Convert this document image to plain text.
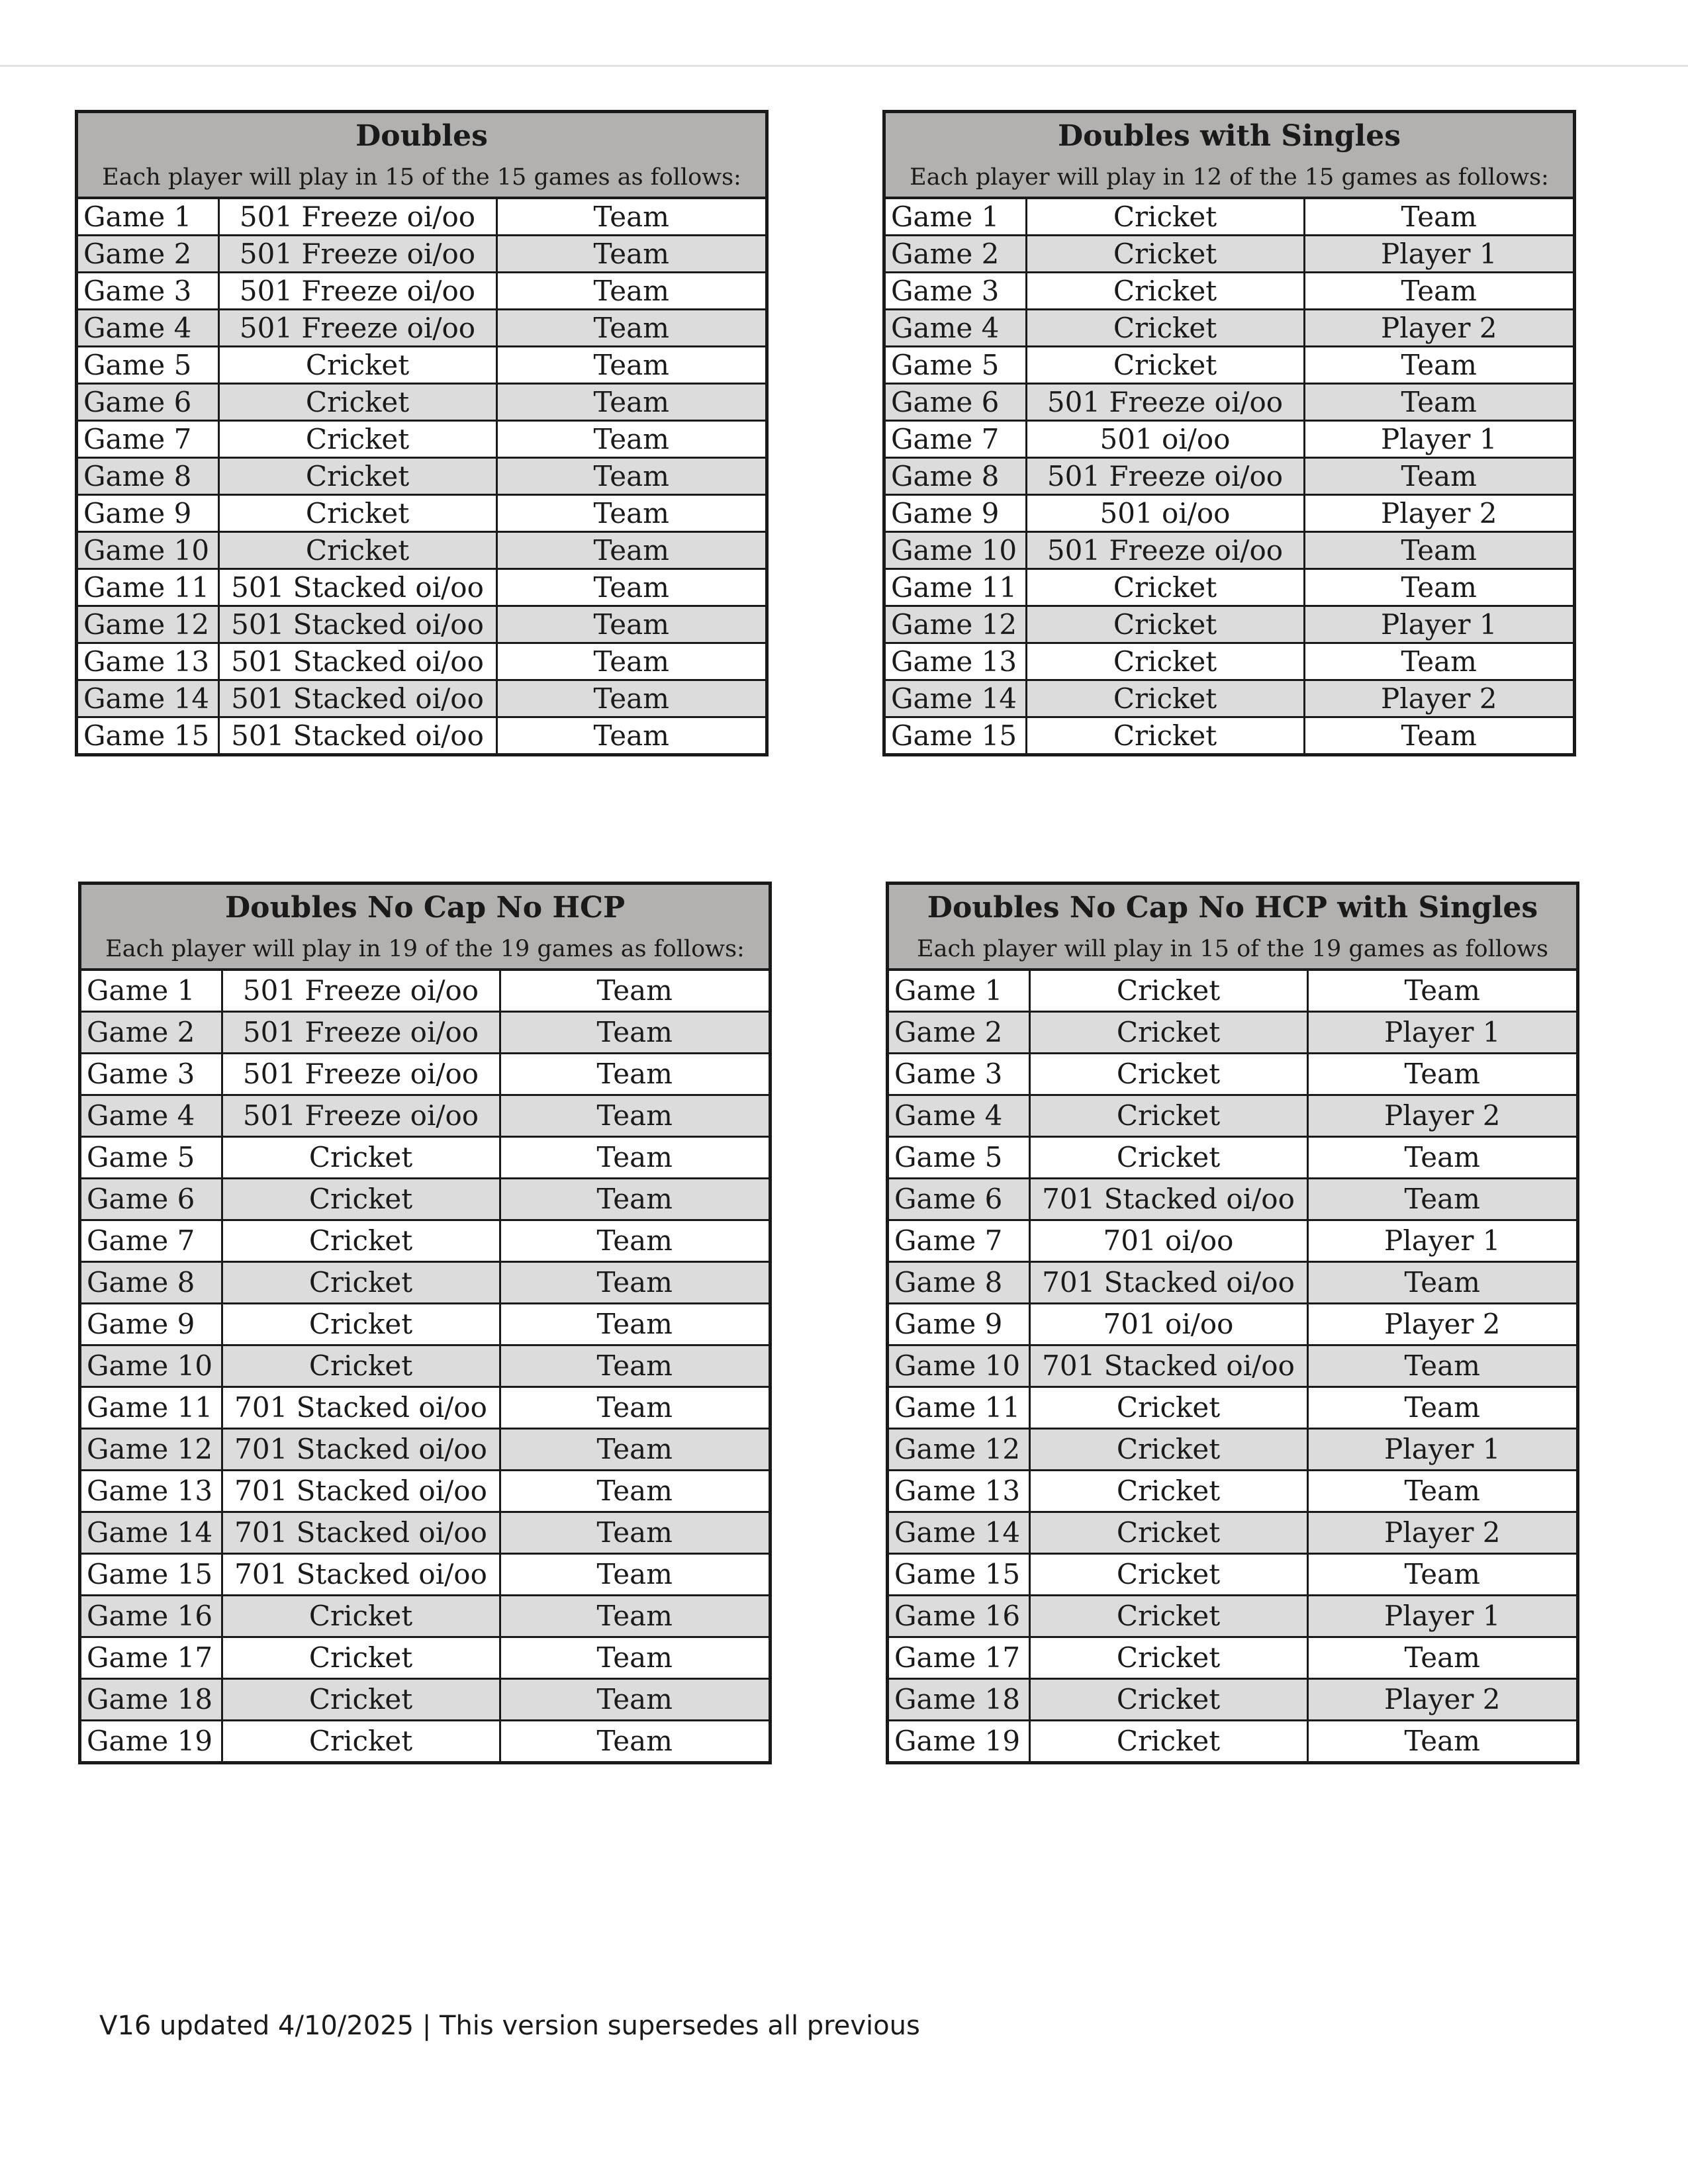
Doubles
Each player will play in 15 of the 15 games as follows:
Game 1	501 Freeze oi/oo	Team
Game 2	501 Freeze oi/oo	Team
Game 3	501 Freeze oi/oo	Team
Game 4	501 Freeze oi/oo	Team
Game 5	Cricket	Team
Game 6	Cricket	Team
Game 7	Cricket	Team
Game 8	Cricket	Team
Game 9	Cricket	Team
Game 10	Cricket	Team
Game 11	501 Stacked oi/oo	Team
Game 12	501 Stacked oi/oo	Team
Game 13	501 Stacked oi/oo	Team
Game 14	501 Stacked oi/oo	Team
Game 15	501 Stacked oi/oo	Team
Doubles with Singles
Each player will play in 12 of the 15 games as follows:
Game 1	Cricket	Team
Game 2	Cricket	Player 1
Game 3	Cricket	Team
Game 4	Cricket	Player 2
Game 5	Cricket	Team
Game 6	501 Freeze oi/oo	Team
Game 7	501 oi/oo	Player 1
Game 8	501 Freeze oi/oo	Team
Game 9	501 oi/oo	Player 2
Game 10	501 Freeze oi/oo	Team
Game 11	Cricket	Team
Game 12	Cricket	Player 1
Game 13	Cricket	Team
Game 14	Cricket	Player 2
Game 15	Cricket	Team
Doubles No Cap No HCP
Each player will play in 19 of the 19 games as follows:
Game 1	501 Freeze oi/oo	Team
Game 2	501 Freeze oi/oo	Team
Game 3	501 Freeze oi/oo	Team
Game 4	501 Freeze oi/oo	Team
Game 5	Cricket	Team
Game 6	Cricket	Team
Game 7	Cricket	Team
Game 8	Cricket	Team
Game 9	Cricket	Team
Game 10	Cricket	Team
Game 11	701 Stacked oi/oo	Team
Game 12	701 Stacked oi/oo	Team
Game 13	701 Stacked oi/oo	Team
Game 14	701 Stacked oi/oo	Team
Game 15	701 Stacked oi/oo	Team
Game 16	Cricket	Team
Game 17	Cricket	Team
Game 18	Cricket	Team
Game 19	Cricket	Team
Doubles No Cap No HCP with Singles
Each player will play in 15 of the 19 games as follows
Game 1	Cricket	Team
Game 2	Cricket	Player 1
Game 3	Cricket	Team
Game 4	Cricket	Player 2
Game 5	Cricket	Team
Game 6	701 Stacked oi/oo	Team
Game 7	701 oi/oo	Player 1
Game 8	701 Stacked oi/oo	Team
Game 9	701 oi/oo	Player 2
Game 10	701 Stacked oi/oo	Team
Game 11	Cricket	Team
Game 12	Cricket	Player 1
Game 13	Cricket	Team
Game 14	Cricket	Player 2
Game 15	Cricket	Team
Game 16	Cricket	Player 1
Game 17	Cricket	Team
Game 18	Cricket	Player 2
Game 19	Cricket	Team
V16 updated 4/10/2025 | This version supersedes all previous
